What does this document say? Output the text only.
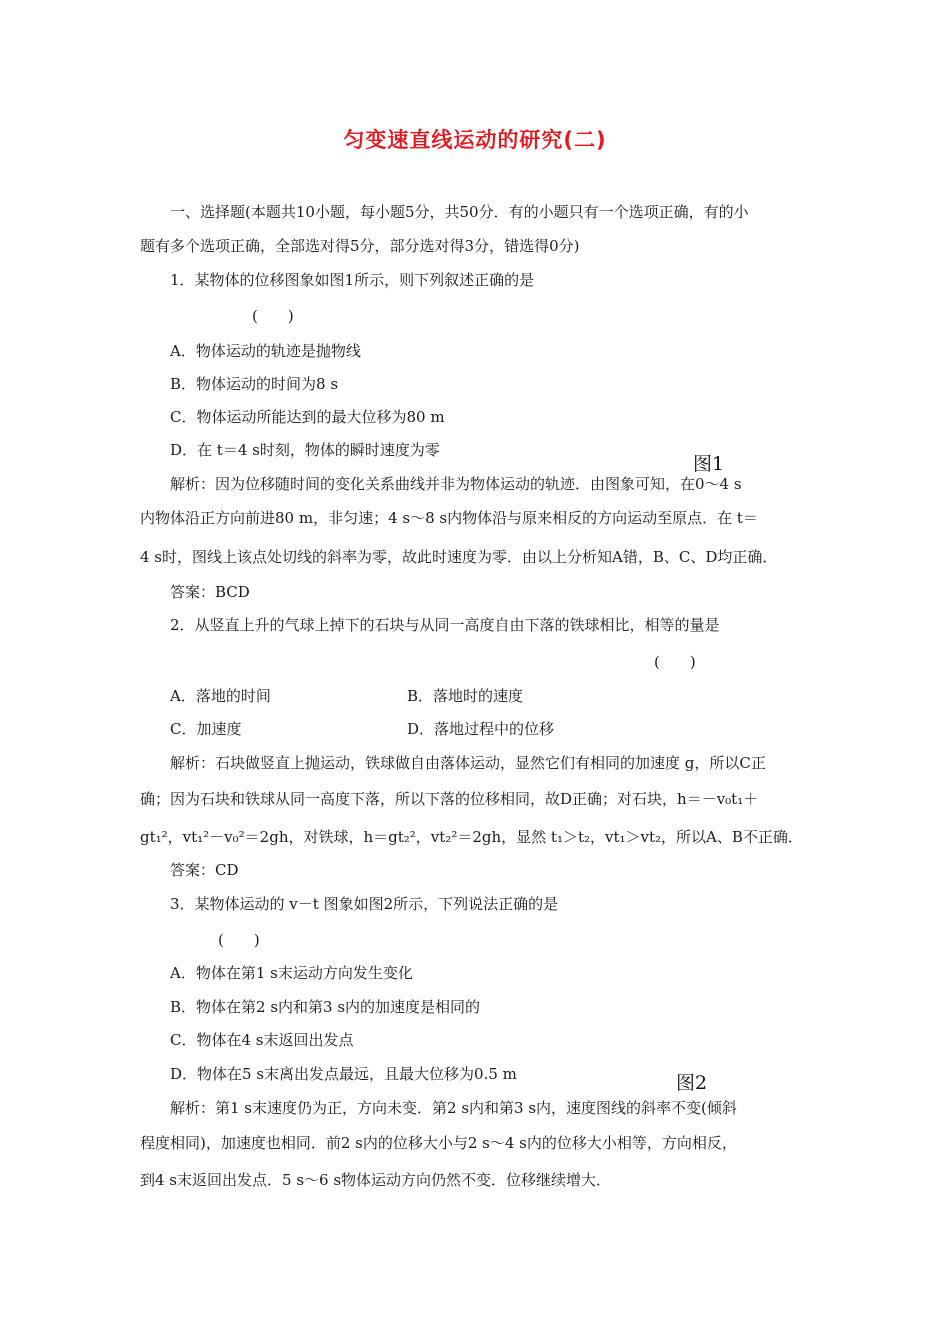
匀变速直线运动的研究(二)
一、选择题(本题共10小题，每小题5分，共50分．有的小题只有一个选项正确，有的小
题有多个选项正确，全部选对得5分，部分选对得3分，错选得0分)
1．某物体的位移图象如图1所示，则下列叙述正确的是
(　　)
A．物体运动的轨迹是抛物线
B．物体运动的时间为8 s
C．物体运动所能达到的最大位移为80 m
D．在 t＝4 s时刻，物体的瞬时速度为零
图1
解析：因为位移随时间的变化关系曲线并非为物体运动的轨迹．由图象可知，在0～4 s
内物体沿正方向前进80 m，非匀速；4 s～8 s内物体沿与原来相反的方向运动至原点．在 t＝
4 s时，图线上该点处切线的斜率为零，故此时速度为零．由以上分析知A错，B、C、D均正确．
答案：BCD
2．从竖直上升的气球上掉下的石块与从同一高度自由下落的铁球相比，相等的量是
(　　)
A．落地的时间	B．落地时的速度
C．加速度	D．落地过程中的位移
解析：石块做竖直上抛运动，铁球做自由落体运动，显然它们有相同的加速度 g，所以C正
确；因为石块和铁球从同一高度下落，所以下落的位移相同，故D正确；对石块，h＝－v₀t₁＋
gt₁²，vt₁²－v₀²＝2gh，对铁球，h＝gt₂²，vt₂²＝2gh，显然 t₁＞t₂，vt₁＞vt₂，所以A、B不正确．
答案：CD
3．某物体运动的 v－t 图象如图2所示，下列说法正确的是
(　　)
A．物体在第1 s末运动方向发生变化
B．物体在第2 s内和第3 s内的加速度是相同的
C．物体在4 s末返回出发点
D．物体在5 s末离出发点最远，且最大位移为0.5 m	图2
解析：第1 s末速度仍为正，方向未变．第2 s内和第3 s内，速度图线的斜率不变(倾斜
程度相同)，加速度也相同．前2 s内的位移大小与2 s～4 s内的位移大小相等，方向相反，
到4 s末返回出发点．5 s～6 s物体运动方向仍然不变．位移继续增大．
